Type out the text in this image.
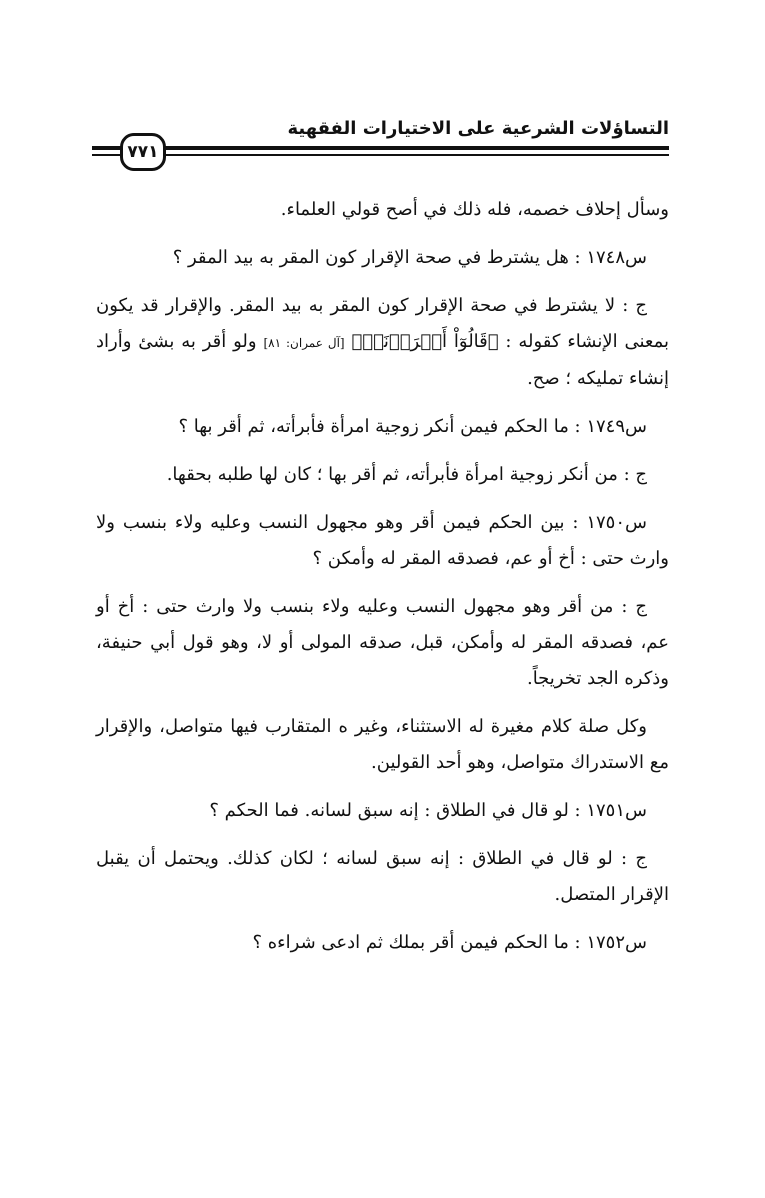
التساؤلات الشرعية على الاختيارات الفقهية
٧٧١

وسأل إحلاف خصمه، فله ذلك في أصح قولي العلماء.

س١٧٤٨ : هل يشترط في صحة الإقرار كون المقر به بيد المقر ؟

ج : لا يشترط في صحة الإقرار كون المقر به بيد المقر. والإقرار قد يكون بمعنى الإنشاء كقوله : ﴿قَالُوٓاْ أَقۡرَرۡنَاۚ﴾ [آل عمران: ٨١] ولو أقر به بشئ وأراد إنشاء تمليكه ؛ صح.

س١٧٤٩ : ما الحكم فيمن أنكر زوجية امرأة فأبرأته، ثم أقر بها ؟

ج : من أنكر زوجية امرأة فأبرأته، ثم أقر بها ؛ كان لها طلبه بحقها.

س١٧٥٠ : بين الحكم فيمن أقر وهو مجهول النسب وعليه ولاء بنسب ولا وارث حتى : أخ أو عم، فصدقه المقر له وأمكن ؟

ج : من أقر وهو مجهول النسب وعليه ولاء بنسب ولا وارث حتى : أخ أو عم، فصدقه المقر له وأمكن، قبل، صدقه المولى أو لا، وهو قول أبي حنيفة، وذكره الجد تخريجاً.

وكل صلة كلام مغيرة له الاستثناء، وغير ه المتقارب فيها متواصل، والإقرار مع الاستدراك متواصل، وهو أحد القولين.

س١٧٥١ : لو قال في الطلاق : إنه سبق لسانه. فما الحكم ؟

ج : لو قال في الطلاق : إنه سبق لسانه ؛ لكان كذلك. ويحتمل أن يقبل الإقرار المتصل.

س١٧٥٢ : ما الحكم فيمن أقر بملك ثم ادعى شراءه ؟
